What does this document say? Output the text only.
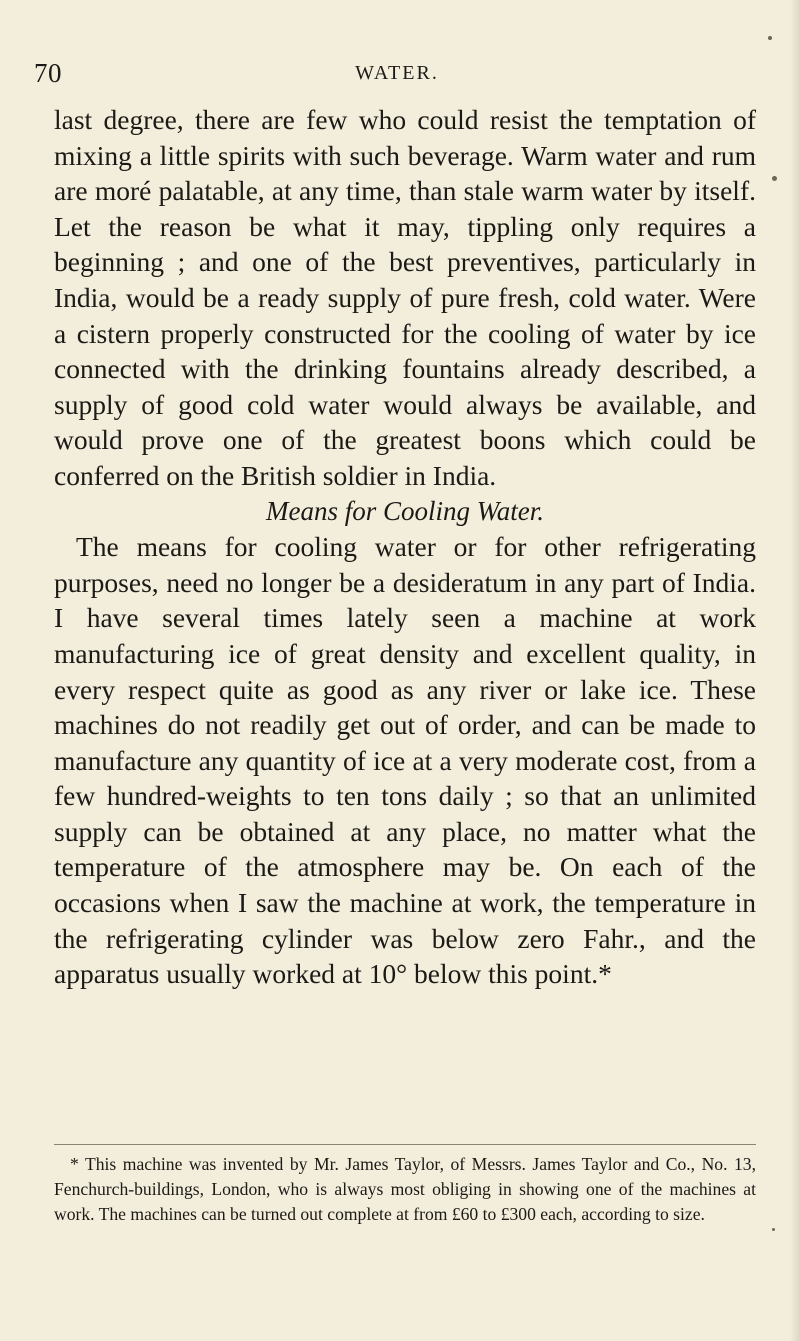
70	WATER.

last degree, there are few who could resist the temptation of mixing a little spirits with such beverage. Warm water and rum are moré palatable, at any time, than stale warm water by itself. Let the reason be what it may, tippling only requires a beginning ; and one of the best preventives, particularly in India, would be a ready supply of pure fresh, cold water. Were a cistern properly constructed for the cooling of water by ice connected with the drinking fountains already described, a supply of good cold water would always be available, and would prove one of the greatest boons which could be conferred on the British soldier in India.

Means for Cooling Water.

The means for cooling water or for other refrigerating purposes, need no longer be a desideratum in any part of India. I have several times lately seen a machine at work manufacturing ice of great density and excellent quality, in every respect quite as good as any river or lake ice. These machines do not readily get out of order, and can be made to manufacture any quantity of ice at a very moderate cost, from a few hundred-weights to ten tons daily ; so that an unlimited supply can be obtained at any place, no matter what the temperature of the atmosphere may be. On each of the occasions when I saw the machine at work, the temperature in the refrigerating cylinder was below zero Fahr., and the apparatus usually worked at 10° below this point.*

* This machine was invented by Mr. James Taylor, of Messrs. James Taylor and Co., No. 13, Fenchurch-buildings, London, who is always most obliging in showing one of the machines at work. The machines can be turned out complete at from £60 to £300 each, according to size.
